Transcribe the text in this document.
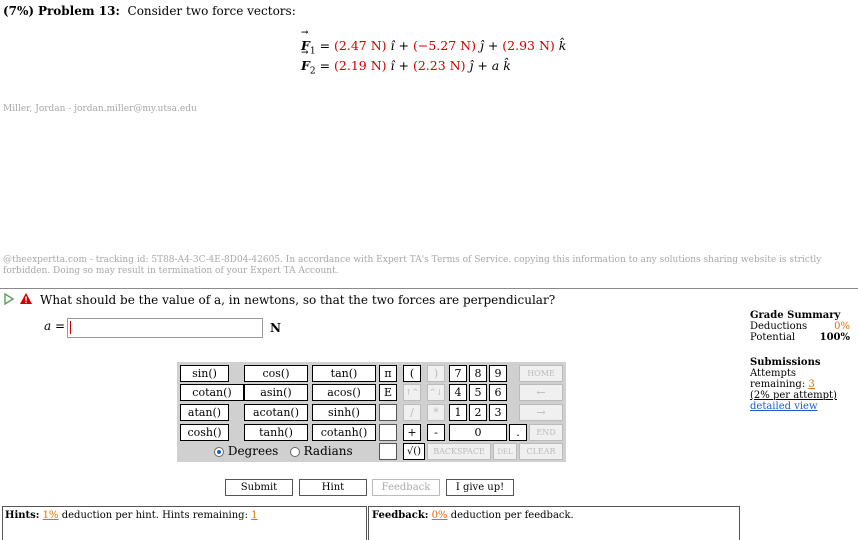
(7%) Problem 13: Consider two force vectors:
→ $F_1 = (2.47$ N) î + (−5.27 N) ĵ + (2.93 N) k̂
→ $F_2 = (2.19$ N) î + (2.23 N) ĵ + a k̂
Miller, Jordan - jordan.miller@my.utsa.edu
@theexpertta.com - tracking id: 5T88-A4-3C-4E-8D04-42605. In accordance with Expert TA's Terms of Service. copying this information to any solutions sharing website is strictly
forbidden. Doing so may result in termination of your Expert TA Account.
What should be the value of a, in newtons, so that the two forces are perpendicular?
Grade Summary
Deductions	0%
Potential 100%
Submissions
Attempts remaining: 3
(2% per attempt)
detailed view
a =	N
sin()	cos()	tan()
cotan()	asin()	acos()
atan()	acotan()	sinh()
cosh()	tanh()	cotanh()
π
E
(	)
↑^ ^↓
/	*
+	-
√()
7	8	9
4	5	6
1	2	3
0	.
HOME
←
→
END
BACKSPACE	DEL	CLEAR
Degrees Radians
Submit	Hint	Feedback	I give up!
Hints: 1% deduction per hint. Hints remaining: 1	Feedback: 0% deduction per feedback.
